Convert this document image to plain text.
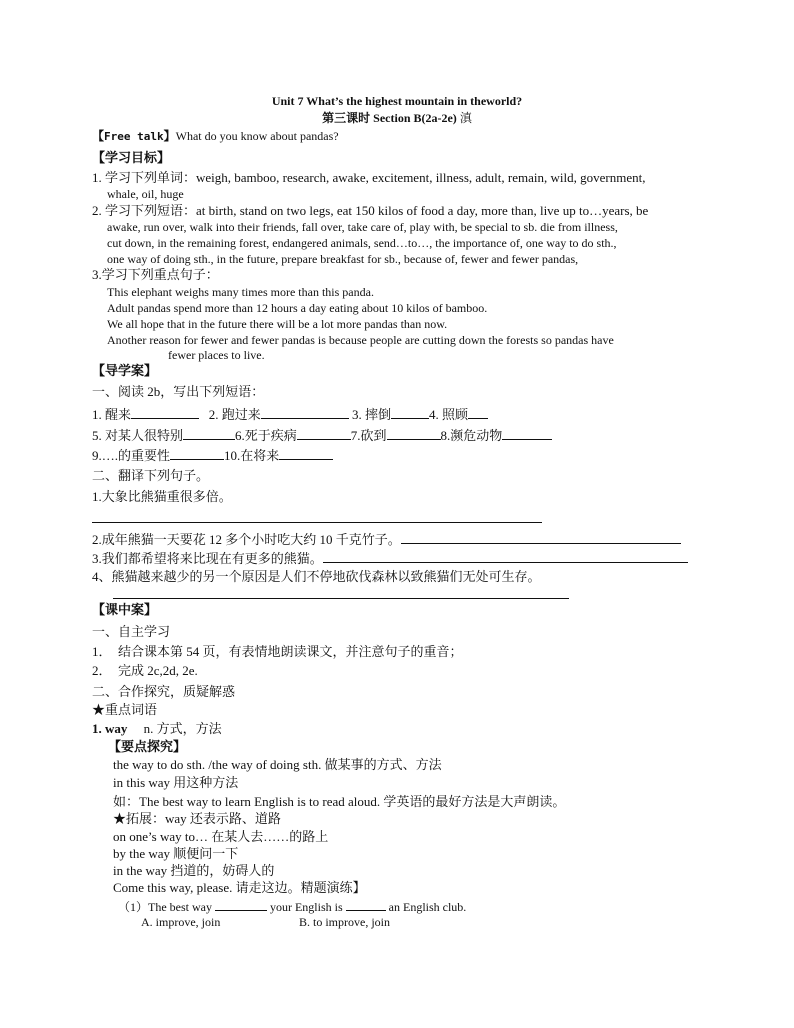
Unit 7 What’s the highest mountain in theworld?
第三课时 Section B(2a-2e) 滇
【Free talk】What do you know about pandas?
【学习目标】
1. 学习下列单词：weigh, bamboo, research, awake, excitement, illness, adult, remain, wild, government,
whale, oil, huge
2. 学习下列短语：at birth, stand on two legs, eat 150 kilos of food a day, more than, live up to…years, be
awake, run over, walk into their friends, fall over, take care of, play with, be special to sb. die from illness,
cut down, in the remaining forest, endangered animals, send…to…, the importance of, one way to do sth.,
one way of doing sth., in the future, prepare breakfast for sb., because of, fewer and fewer pandas,
3.学习下列重点句子：
This elephant weighs many times more than this panda.
Adult pandas spend more than 12 hours a day eating about 10 kilos of bamboo.
We all hope that in the future there will be a lot more pandas than now.
Another reason for fewer and fewer pandas is because people are cutting down the forests so pandas have
fewer places to live.
【导学案】
一、阅读 2b，写出下列短语：
1. 醒来	2. 跑过来	3. 摔倒	4. 照顾
5. 对某人很特别	6.死于疾病	7.砍到	8.濒危动物
9.….的重要性	10.在将来
二、翻译下列句子。
1.大象比熊猫重很多倍。
2.成年熊猫一天要花 12 多个小时吃大约 10 千克竹子。
3.我们都希望将来比现在有更多的熊猫。
4、熊猫越来越少的另一个原因是人们不停地砍伐森林以致熊猫们无处可生存。
【课中案】
一、自主学习
1． 结合课本第 54 页，有表情地朗读课文，并注意句子的重音；
2． 完成 2c,2d, 2e.
二、合作探究，质疑解惑
★重点词语
1. way n. 方式，方法
【要点探究】
the way to do sth. /the way of doing sth. 做某事的方式、方法
in this way 用这种方法
如：The best way to learn English is to read aloud. 学英语的最好方法是大声朗读。
★拓展：way 还表示路、道路
on one’s way to… 在某人去……的路上
by the way 顺便问一下
in the way 挡道的，妨碍人的
Come this way, please. 请走这边。精题演练】
（1）The best way	your English is	an English club.
A. improve, join	B. to improve, join
